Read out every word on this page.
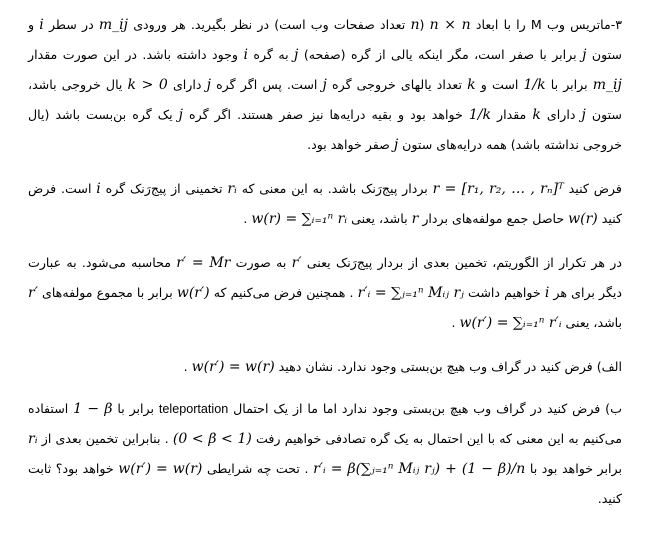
۳-ماتریس وب M را با ابعاد n × n (n تعداد صفحات وب است) در نظر بگیرید. هر ورودی m_ij در سطر i و ستون j برابر با صفر است، مگر اینکه یالی از گره (صفحه) j به گره i وجود داشته باشد. در این صورت مقدار m_ij برابر با 1/k است و k تعداد یالهای خروجی گره j است. پس اگر گره j دارای k > 0 یال خروجی باشد، ستون j دارای k مقدار 1/k خواهد بود و بقیه درایه‌ها نیز صفر هستند. اگر گره j یک گره بن‌بست باشد (یال خروجی نداشته باشد) همه درایه‌های ستون j صفر خواهد بود.

فرض کنید r = [r₁, r₂, … , rₙ]ᵀ بردار پیج‌رَنک باشد. به این معنی که rᵢ تخمینی از پیج‌رَنک گره i است. فرض کنید w(r) حاصل جمع مولفه‌های بردار r باشد، یعنی w(r) = ∑ᵢ₌₁ⁿ rᵢ .

در هر تکرار از الگوریتم، تخمین بعدی از بردار پیج‌رَنک یعنی r′ به صورت r′ = Mr محاسبه می‌شود. به عبارت دیگر برای هر i خواهیم داشت r′ᵢ = ∑ⱼ₌₁ⁿ Mᵢⱼ rⱼ . همچنین فرض می‌کنیم که w(r′) برابر با مجموع مولفه‌های r′ باشد، یعنی w(r′) = ∑ᵢ₌₁ⁿ r′ᵢ .

الف) فرض کنید در گراف وب هیچ بن‌بستی وجود ندارد. نشان دهید w(r′) = w(r) .

ب) فرض کنید در گراف وب هیچ بن‌بستی وجود ندارد اما ما از یک احتمال teleportation برابر با 1 − β استفاده می‌کنیم به این معنی که با این احتمال به یک گره تصادفی خواهیم رفت (0 < β < 1) . بنابراین تخمین بعدی از rᵢ برابر خواهد بود با r′ᵢ = β(∑ⱼ₌₁ⁿ Mᵢⱼ rⱼ) + (1 − β)/n . تحت چه شرایطی w(r′) = w(r) خواهد بود؟ ثابت کنید.
